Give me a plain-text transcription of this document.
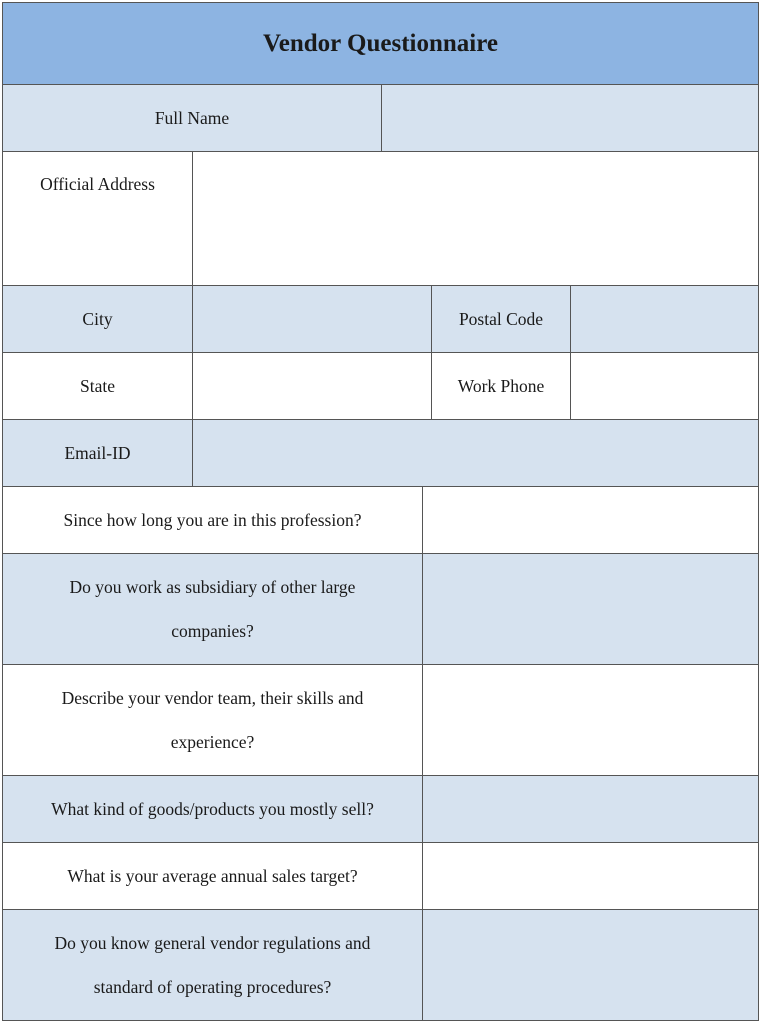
Vendor Questionnaire
Full Name
Official Address
City	Postal Code
State	Work Phone
Email-ID
Since how long you are in this profession?
Do you work as subsidiary of other large companies?
Describe your vendor team, their skills and experience?
What kind of goods/products you mostly sell?
What is your average annual sales target?
Do you know general vendor regulations and standard of operating procedures?
